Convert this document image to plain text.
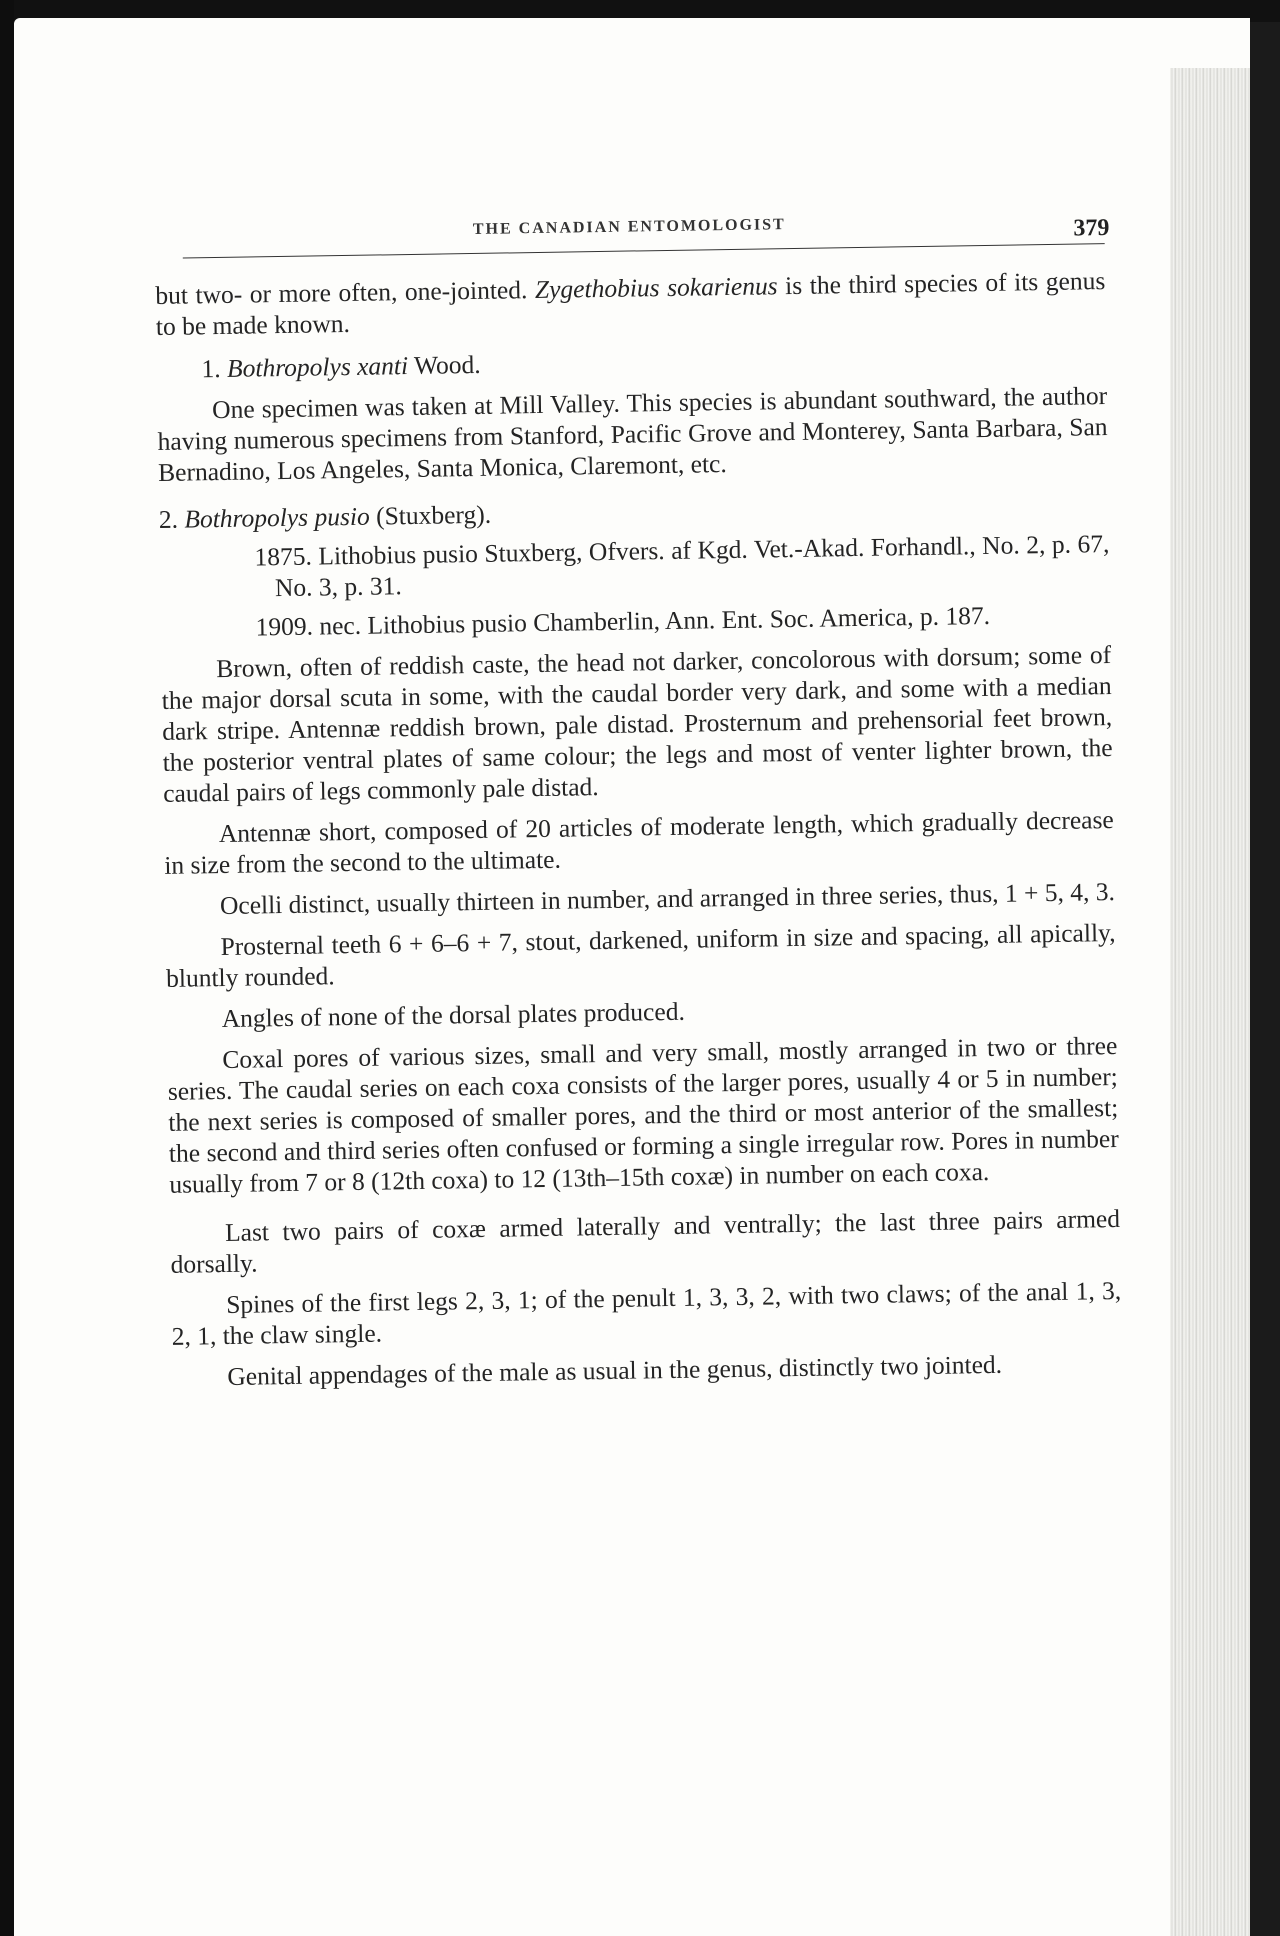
THE CANADIAN ENTOMOLOGIST	379

but two- or more often, one-jointed. Zygethobius sokarienus is the third species of its genus to be made known.

1. Bothropolys xanti Wood.

One specimen was taken at Mill Valley. This species is abundant southward, the author having numerous specimens from Stanford, Pacific Grove and Monterey, Santa Barbara, San Bernadino, Los Angeles, Santa Monica, Claremont, etc.

2. Bothropolys pusio (Stuxberg).

1875. Lithobius pusio Stuxberg, Ofvers. af Kgd. Vet.-Akad. Forhandl., No. 2, p. 67, No. 3, p. 31.

1909. nec. Lithobius pusio Chamberlin, Ann. Ent. Soc. America, p. 187.

Brown, often of reddish caste, the head not darker, concolorous with dorsum; some of the major dorsal scuta in some, with the caudal border very dark, and some with a median dark stripe. Antennæ reddish brown, pale distad. Prosternum and prehensorial feet brown, the posterior ventral plates of same colour; the legs and most of venter lighter brown, the caudal pairs of legs commonly pale distad.

Antennæ short, composed of 20 articles of moderate length, which gradually decrease in size from the second to the ultimate.

Ocelli distinct, usually thirteen in number, and arranged in three series, thus, 1 + 5, 4, 3.

Prosternal teeth 6 + 6–6 + 7, stout, darkened, uniform in size and spacing, all apically, bluntly rounded.

Angles of none of the dorsal plates produced.

Coxal pores of various sizes, small and very small, mostly arranged in two or three series. The caudal series on each coxa consists of the larger pores, usually 4 or 5 in number; the next series is composed of smaller pores, and the third or most anterior of the smallest; the second and third series often confused or forming a single irregular row. Pores in number usually from 7 or 8 (12th coxa) to 12 (13th–15th coxæ) in number on each coxa.

Last two pairs of coxæ armed laterally and ventrally; the last three pairs armed dorsally.

Spines of the first legs 2, 3, 1; of the penult 1, 3, 3, 2, with two claws; of the anal 1, 3, 2, 1, the claw single.

Genital appendages of the male as usual in the genus, distinctly two jointed.
